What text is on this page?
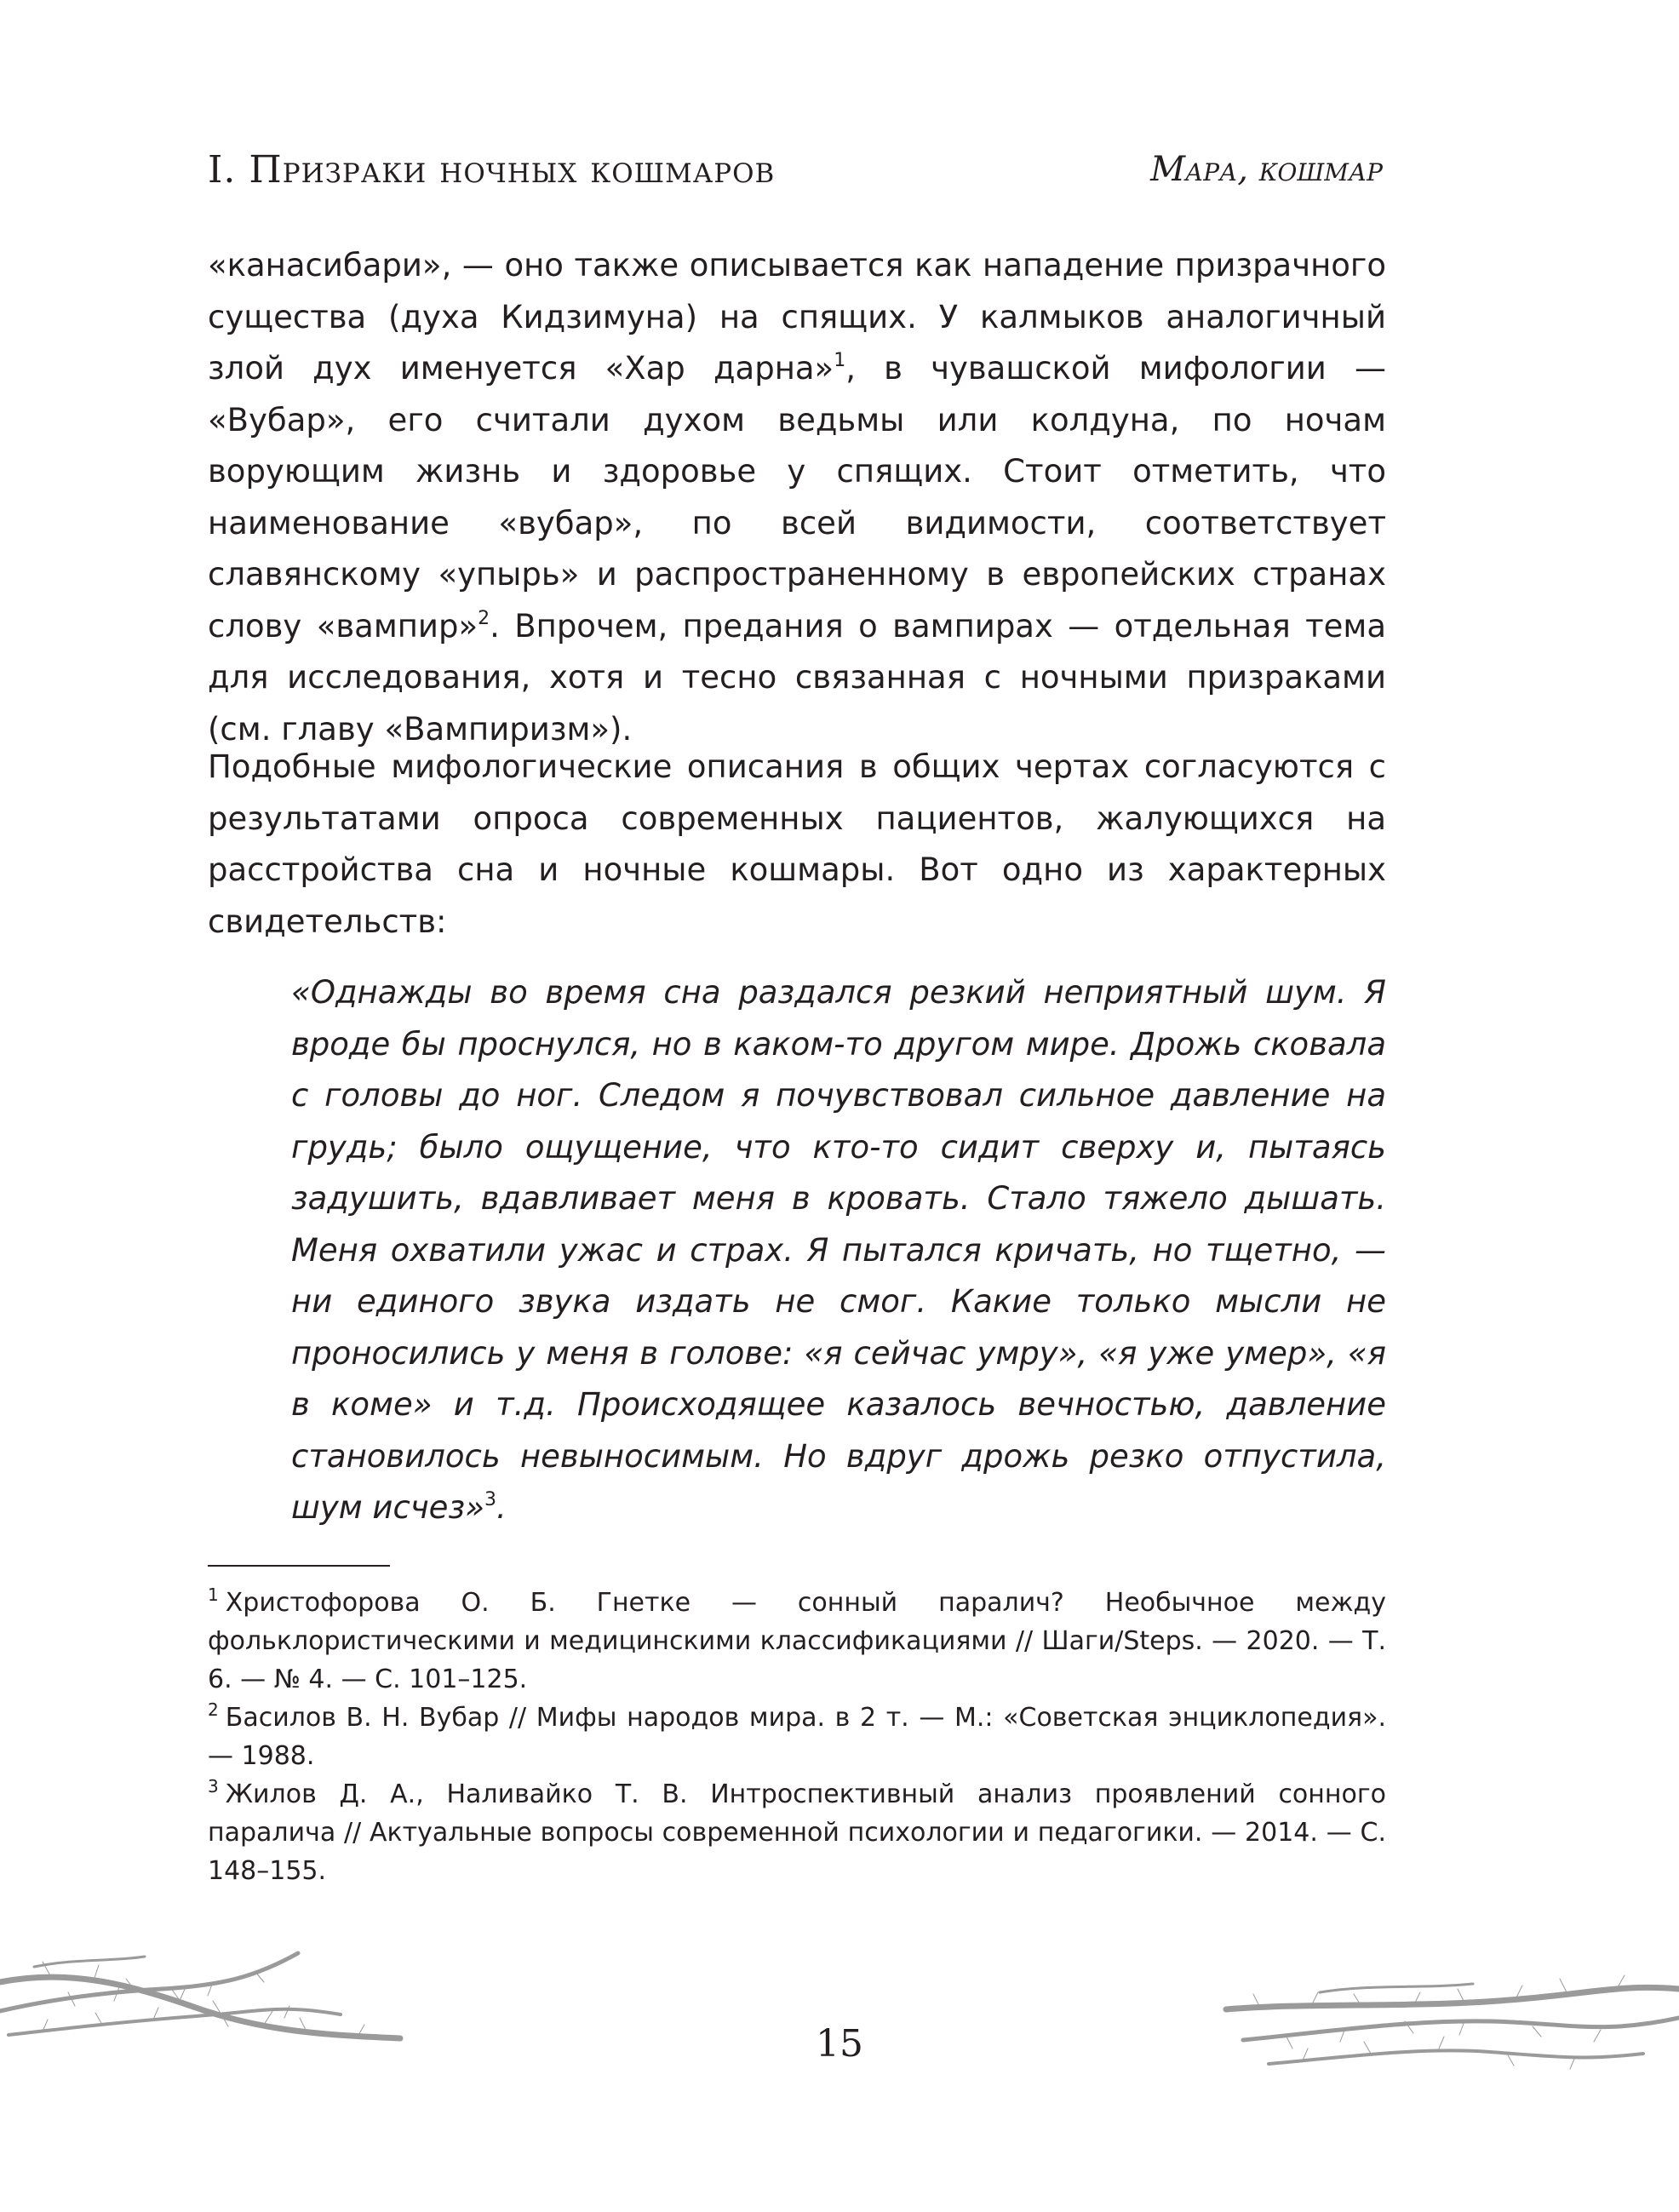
I. Призраки ночных кошмаров	Мара, кошмар
«канасибари», — оно также описывается как нападение призрачного существа (духа Кидзимуна) на спящих. У калмыков аналогичный злой дух именуется «Хар дарна»$^1$, в чувашской мифологии — «Вубар», его считали духом ведьмы или колдуна, по ночам ворующим жизнь и здоровье у спящих. Стоит отметить, что наименование «вубар», по всей видимости, соответствует славянскому «упырь» и распространенному в европейских странах слову «вампир»$^2$. Впрочем, предания о вампирах — отдельная тема для исследования, хотя и тесно связанная с ночными призраками (см. главу «Вампиризм»).
Подобные мифологические описания в общих чертах согласуются с результатами опроса современных пациентов, жалующихся на расстройства сна и ночные кошмары. Вот одно из характерных свидетельств:
«Однажды во время сна раздался резкий неприятный шум. Я вроде бы проснулся, но в каком-то другом мире. Дрожь сковала с головы до ног. Следом я почувствовал сильное давление на грудь; было ощущение, что кто-то сидит сверху и, пытаясь задушить, вдавливает меня в кровать. Стало тяжело дышать. Меня охватили ужас и страх. Я пытался кричать, но тщетно, — ни единого звука издать не смог. Какие только мысли не проносились у меня в голове: «я сейчас умру», «я уже умер», «я в коме» и т.д. Происходящее казалось вечностью, давление становилось невыносимым. Но вдруг дрожь резко отпустила, шум исчез»$^3$.

$^1$ Христофорова О. Б. Гнетке — сонный паралич? Необычное между фольклористическими и медицинскими классификациями // Шаги/Steps. — 2020. — Т. 6. — № 4. — С. 101–125.

$^2$ Басилов В. Н. Вубар // Мифы народов мира. в 2 т. — М.: «Советская энциклопедия». — 1988.

$^3$ Жилов Д. А., Наливайко Т. В. Интроспективный анализ проявлений сонного паралича // Актуальные вопросы современной психологии и педагогики. — 2014. — С. 148–155.

15
